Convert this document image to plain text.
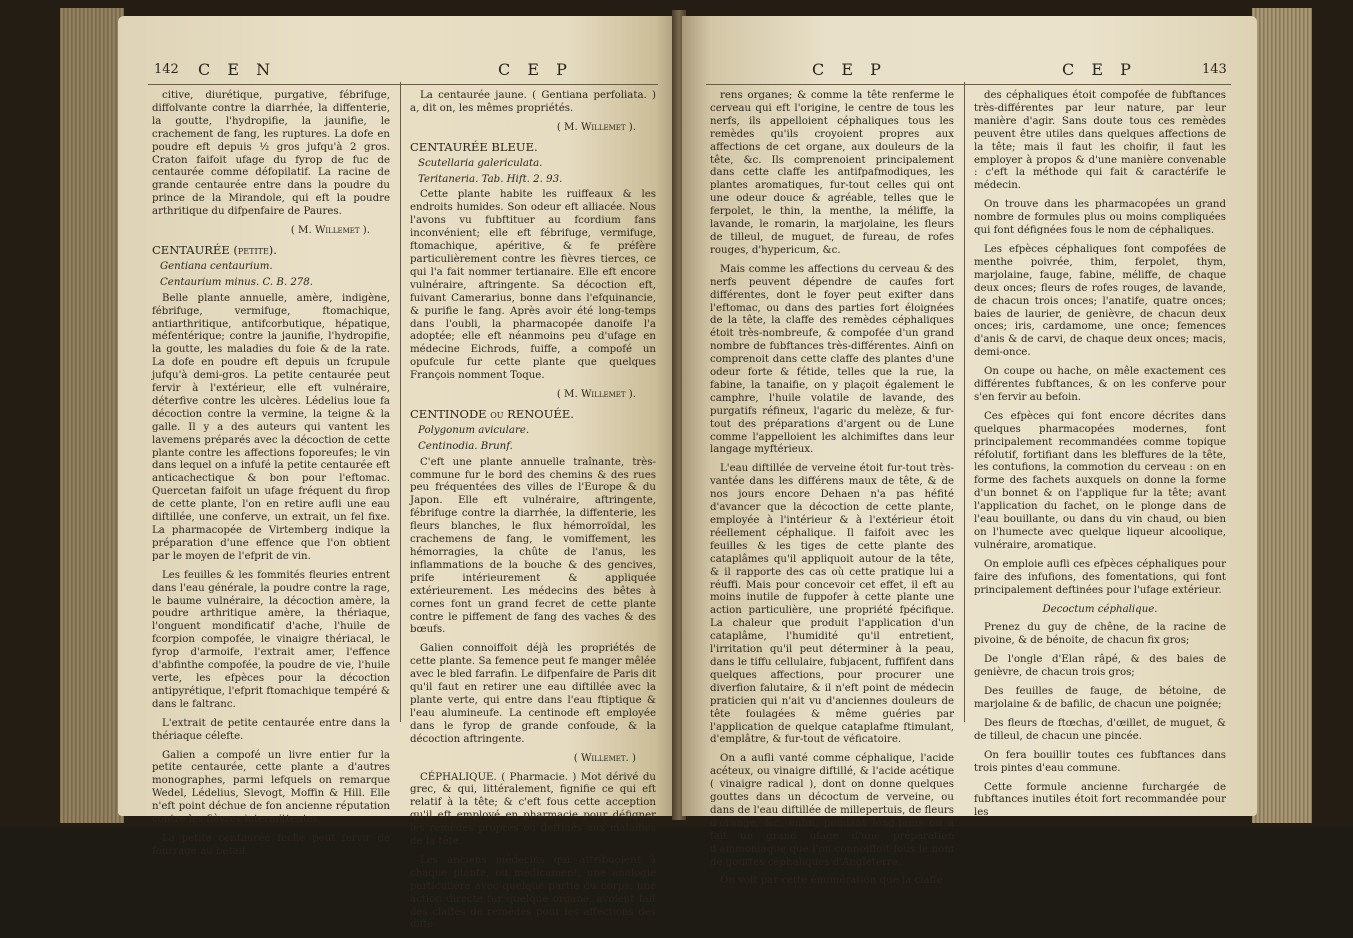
142 C E N	C E P

citive, diurétique, purgative, fébrifuge, diffolvante contre la diarrhée, la diffenterie, la goutte, l'hydropifie, la jaunifie, le crachement de fang, les ruptures. La dofe en poudre eft depuis ½ gros jufqu'à 2 gros. Craton faifoit ufage du fyrop de fuc de centaurée comme défopilatif. La racine de grande centaurée entre dans la poudre du prince de la Mirandole, qui eft la poudre arthritique du difpenfaire de Paures.

( M. Willemet ).

CENTAURÉE (petite).

Gentiana centaurium.

Centaurium minus. C. B. 278.

Belle plante annuelle, amère, indigène, fébrifuge, vermifuge, ftomachique, antiarthritique, antifcorbutique, hépatique, méfentérique; contre la jaunifie, l'hydropifie, la goutte, les maladies du foie & de la rate. La dofe en poudre eft depuis un fcrupule jufqu'à demi-gros. La petite centaurée peut fervir à l'extérieur, elle eft vulnéraire, déterfive contre les ulcères. Lédelius loue fa décoction contre la vermine, la teigne & la galle. Il y a des auteurs qui vantent les lavemens préparés avec la décoction de cette plante contre les affections foporeufes; le vin dans lequel on a infufé la petite centaurée eft anticachectique & bon pour l'eftomac. Quercetan faifoit un ufage fréquent du firop de cette plante, l'on en retire aufli une eau diftillée, une conferve, un extrait, un fel fixe. La pharmacopée de Virtemberg indique la préparation d'une effence que l'on obtient par le moyen de l'efprit de vin.

Les feuilles & les fommités fleuries entrent dans l'eau générale, la poudre contre la rage, le baume vulnéraire, la décoction amère, la poudre arthritique amère, la thériaque, l'onguent mondificatif d'ache, l'huile de fcorpion compofée, le vinaigre thériacal, le fyrop d'armoife, l'extrait amer, l'effence d'abfinthe compofée, la poudre de vie, l'huile verte, les efpèces pour la décoction antipyrétique, l'efprit ftomachique tempéré & dans le faltranc.

L'extrait de petite centaurée entre dans la thériaque célefte.

Galien a compofé un livre entier fur la petite centaurée, cette plante a d'autres monographes, parmi lefquels on remarque Wedel, Lédelius, Slevogt, Moffin & Hill. Elle n'eft point déchue de fon ancienne réputation contre les fièvres intermittentes.

La petite centaurée feche peut fervir de fourrage au bétail.

La centaurée jaune. ( Gentiana perfoliata. ) a, dit on, les mêmes propriétés.

( M. Willemet ).

CENTAURÉE BLEUE.

Scutellaria galericulata.

Teritaneria. Tab. Hift. 2. 93.

Cette plante habite les ruiffeaux & les endroits humides. Son odeur eft alliacée. Nous l'avons vu fubftituer au fcordium fans inconvénient; elle eft fébrifuge, vermifuge, ftomachique, apéritive, & fe préfère particulièrement contre les fièvres tierces, ce qui l'a fait nommer tertianaire. Elle eft encore vulnéraire, aftringente. Sa décoction eft, fuivant Camerarius, bonne dans l'efquinancie, & purifie le fang. Après avoir été long-temps dans l'oubli, la pharmacopée danoife l'a adoptée; elle eft néanmoins peu d'ufage en médecine Eichrods, fuiffe, a compofé un opufcule fur cette plante que quelques François nomment Toque.

( M. Willemet ).

CENTINODE ou RENOUÉE.

Polygonum aviculare.

Centinodia. Brunf.

C'eft une plante annuelle traînante, très-commune fur le bord des chemins & des rues peu fréquentées des villes de l'Europe & du Japon. Elle eft vulnéraire, aftringente, fébrifuge contre la diarrhée, la diffenterie, les fleurs blanches, le flux hémorroïdal, les crachemens de fang, le vomiffement, les hémorragies, la chûte de l'anus, les inflammations de la bouche & des gencives, prife intérieurement & appliquée extérieurement. Les médecins des bêtes à cornes font un grand fecret de cette plante contre le piffement de fang des vaches & des bœufs.

Galien connoiffoit déjà les propriétés de cette plante. Sa femence peut fe manger mêlée avec le bled farrafin. Le difpenfaire de Paris dit qu'il faut en retirer une eau diftillée avec la plante verte, qui entre dans l'eau ftiptique & l'eau alumineufe. La centinode eft employée dans le fyrop de grande confoude, & la décoction aftringente.

( Willemet. )

CÉPHALIQUE. ( Pharmacie. ) Mot dérivé du grec, & qui, littéralement, fignifie ce qui eft relatif à la tête; & c'eft fous cette acception qu'il eft employé en pharmacie pour défigner les remèdes propres ou deftinés aux maladies de la tête.

Les anciens médecins qui attribuoient à chaque plante, ou médicament, une analogie particulière avec quelque partie du corps, une action directe fur quelque organe, avoient fait des claffes de remèdes pour les affections des diffé-

C E P	C E P	143

rens organes; & comme la tête renferme le cerveau qui eft l'origine, le centre de tous les nerfs, ils appelloient céphaliques tous les remèdes qu'ils croyoient propres aux affections de cet organe, aux douleurs de la tête, &c. Ils comprenoient principalement dans cette claffe les antifpafmodiques, les plantes aromatiques, fur-tout celles qui ont une odeur douce & agréable, telles que le ferpolet, le thin, la menthe, la méliffe, la lavande, le romarin, la marjolaine, les fleurs de tilleul, de muguet, de fureau, de rofes rouges, d'hypericum, &c.

Mais comme les affections du cerveau & des nerfs peuvent dépendre de caufes fort différentes, dont le foyer peut exifter dans l'eftomac, ou dans des parties fort éloignées de la tête, la claffe des remèdes céphaliques étoit très-nombreufe, & compofée d'un grand nombre de fubftances très-différentes. Ainfi on comprenoit dans cette claffe des plantes d'une odeur forte & fétide, telles que la rue, la fabine, la tanaifie, on y plaçoit également le camphre, l'huile volatile de lavande, des purgatifs réfineux, l'agaric du melèze, & fur-tout des préparations d'argent ou de Lune comme l'appelloient les alchimiftes dans leur langage myftérieux.

L'eau diftillée de verveine étoit fur-tout très-vantée dans les différens maux de tête, & de nos jours encore Dehaen n'a pas héfité d'avancer que la décoction de cette plante, employée à l'intérieur & à l'extérieur étoit réellement céphalique. Il faifoit avec les feuilles & les tiges de cette plante des cataplâmes qu'il appliquoit autour de la tête, & il rapporte des cas où cette pratique lui a réuffi. Mais pour concevoir cet effet, il eft au moins inutile de fuppofer à cette plante une action particulière, une propriété fpécifique. La chaleur que produit l'application d'un cataplâme, l'humidité qu'il entretient, l'irritation qu'il peut déterminer à la peau, dans le tiffu cellulaire, fubjacent, fuffifent dans quelques affections, pour procurer une diverfion falutaire, & il n'eft point de médecin praticien qui n'ait vu d'anciennes douleurs de tête foulagées & même guéries par l'application de quelque cataplafme ftimulant, d'emplâtre, & fur-tout de véficatoire.

On a aufli vanté comme céphalique, l'acide acéteux, ou vinaigre diftillé, & l'acide acétique ( vinaigre radical ), dont on donne quelques gouttes dans un décoctum de verveine, ou dans de l'eau diftillée de millepertuis, de fleurs d'orange, &c. enfin, pendant long-tems on a fait un grand ufage d'une préparation d'ammoniaque que l'on connoiffoit fous le nom de gouttes céphaliques d'Angleterre.

On voit par cette énumération que la claffe

des céphaliques étoit compofée de fubftances très-différentes par leur nature, par leur manière d'agir. Sans doute tous ces remèdes peuvent être utiles dans quelques affections de la tête; mais il faut les choifir, il faut les employer à propos & d'une manière convenable : c'eft la méthode qui fait & caractérife le médecin.

On trouve dans les pharmacopées un grand nombre de formules plus ou moins compliquées qui font défignées fous le nom de céphaliques.

Les efpèces céphaliques font compofées de menthe poivrée, thim, ferpolet, thym, marjolaine, fauge, fabine, méliffe, de chaque deux onces; fleurs de rofes rouges, de lavande, de chacun trois onces; l'anatife, quatre onces; baies de laurier, de genièvre, de chacun deux onces; iris, cardamome, une once; femences d'anis & de carvi, de chaque deux onces; macis, demi-once.

On coupe ou hache, on mêle exactement ces différentes fubftances, & on les conferve pour s'en fervir au befoin.

Ces efpèces qui font encore décrites dans quelques pharmacopées modernes, font principalement recommandées comme topique réfolutif, fortifiant dans les bleffures de la tête, les contufions, la commotion du cerveau : on en forme des fachets auxquels on donne la forme d'un bonnet & on l'applique fur la tête; avant l'application du fachet, on le plonge dans de l'eau bouillante, ou dans du vin chaud, ou bien on l'humecte avec quelque liqueur alcoolique, vulnéraire, aromatique.

On emploie aufli ces efpèces céphaliques pour faire des infufions, des fomentations, qui font principalement deftinées pour l'ufage extérieur.

Decoctum céphalique.

Prenez du guy de chêne, de la racine de pivoine, & de bénoite, de chacun fix gros;

De l'ongle d'Elan râpé, & des baies de genièvre, de chacun trois gros;

Des feuilles de fauge, de bétoine, de marjolaine & de bafilic, de chacun une poignée;

Des fleurs de ftœchas, d'œillet, de muguet, & de tilleul, de chacun une pincée.

On fera bouillir toutes ces fubftances dans trois pintes d'eau commune.

Cette formule ancienne furchargée de fubftances inutiles étoit fort recommandée pour les
